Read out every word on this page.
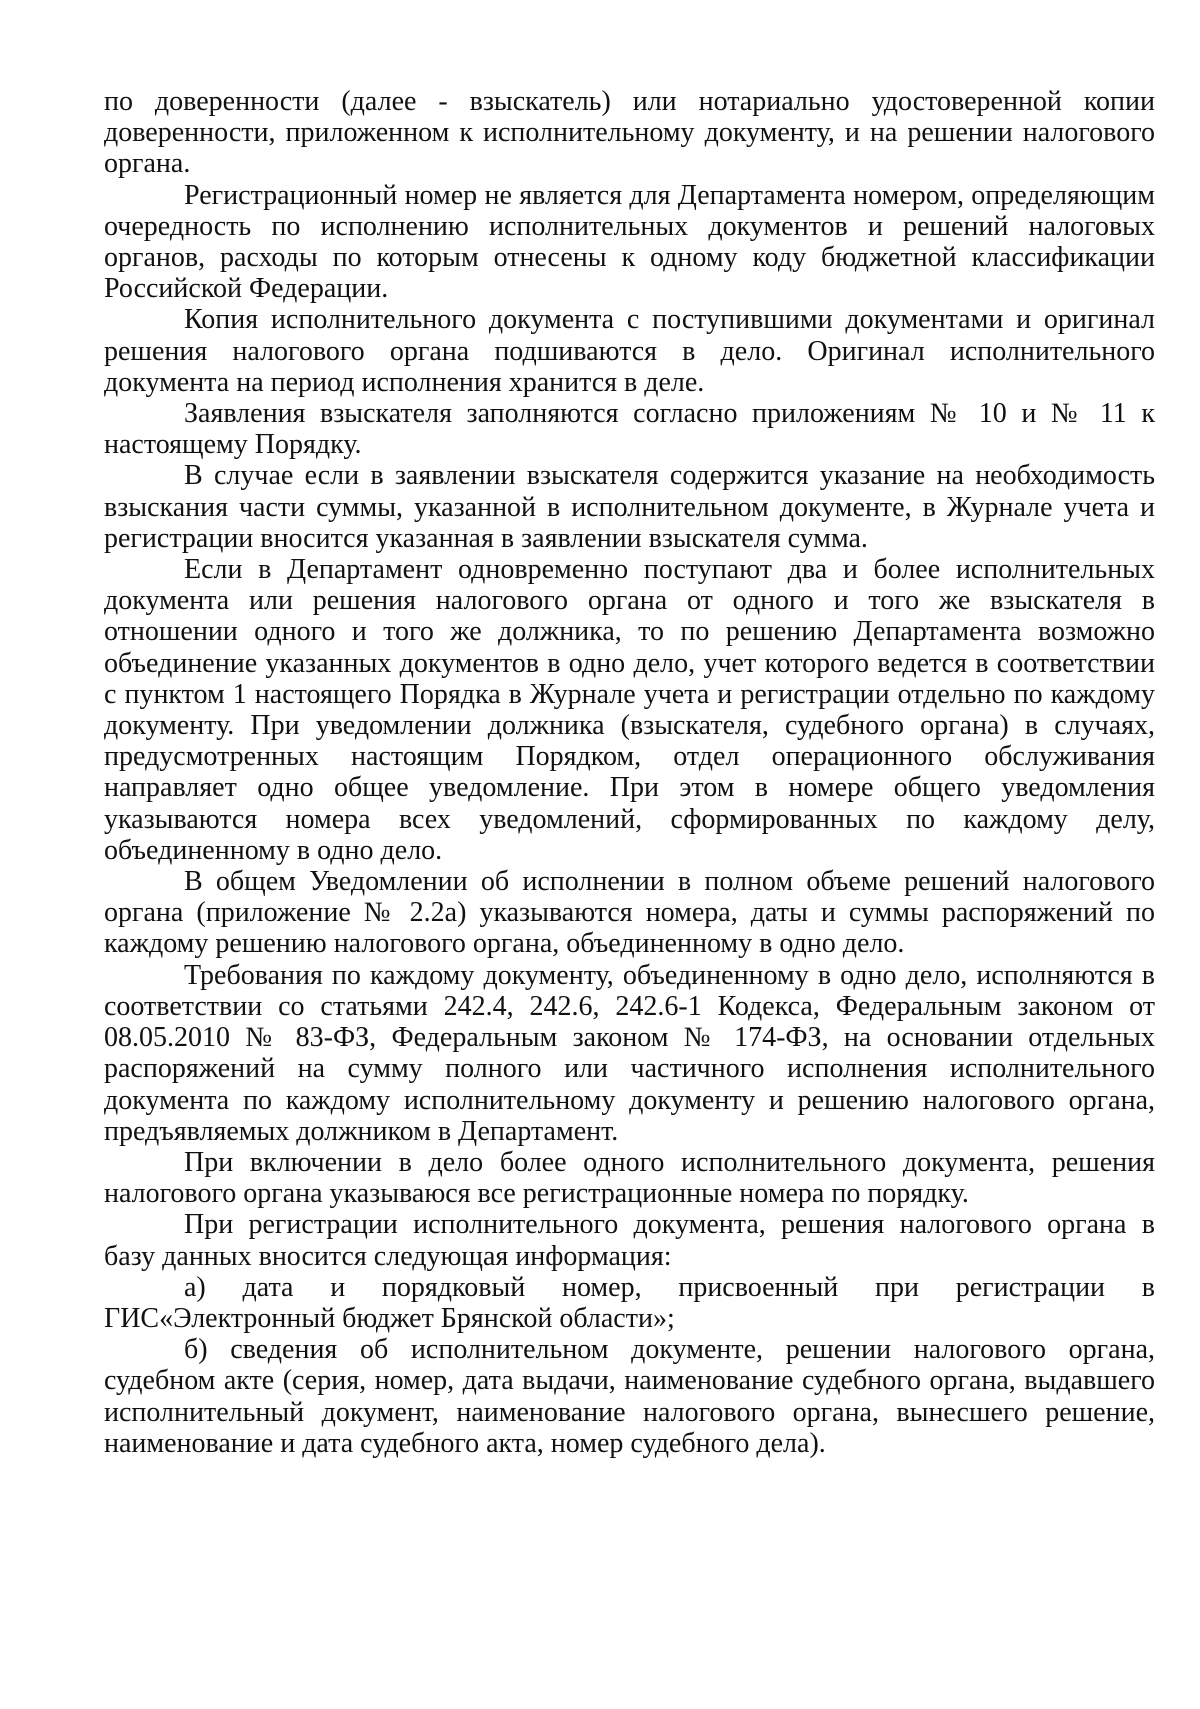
по доверенности (далее - взыскатель) или нотариально удостоверенной копии доверенности, приложенном к исполнительному документу, и на решении налогового органа.

Регистрационный номер не является для Департамента номером, определяющим очередность по исполнению исполнительных документов и решений налоговых органов, расходы по которым отнесены к одному коду бюджетной классификации Российской Федерации.

Копия исполнительного документа с поступившими документами и оригинал решения налогового органа подшиваются в дело. Оригинал исполнительного документа на период исполнения хранится в деле.

Заявления взыскателя заполняются согласно приложениям № 10 и № 11 к настоящему Порядку.

В случае если в заявлении взыскателя содержится указание на необходимость взыскания части суммы, указанной в исполнительном документе, в Журнале учета и регистрации вносится указанная в заявлении взыскателя сумма.

Если в Департамент одновременно поступают два и более исполнительных документа или решения налогового органа от одного и того же взыскателя в отношении одного и того же должника, то по решению Департамента возможно объединение указанных документов в одно дело, учет которого ведется в соответствии с пунктом 1 настоящего Порядка в Журнале учета и регистрации отдельно по каждому документу. При уведомлении должника (взыскателя, судебного органа) в случаях, предусмотренных настоящим Порядком, отдел операционного обслуживания направляет одно общее уведомление. При этом в номере общего уведомления указываются номера всех уведомлений, сформированных по каждому делу, объединенному в одно дело.

В общем Уведомлении об исполнении в полном объеме решений налогового органа (приложение № 2.2а) указываются номера, даты и суммы распоряжений по каждому решению налогового органа, объединенному в одно дело.

Требования по каждому документу, объединенному в одно дело, исполняются в соответствии со статьями 242.4, 242.6, 242.6-1 Кодекса, Федеральным законом от 08.05.2010 № 83-ФЗ, Федеральным законом № 174-ФЗ, на основании отдельных распоряжений на сумму полного или частичного исполнения исполнительного документа по каждому исполнительному документу и решению налогового органа, предъявляемых должником в Департамент.

При включении в дело более одного исполнительного документа, решения налогового органа указываюся все регистрационные номера по порядку.

При регистрации исполнительного документа, решения налогового органа в базу данных вносится следующая информация:

а) дата и порядковый номер, присвоенный при регистрации в ГИС«Электронный бюджет Брянской области»;

б) сведения об исполнительном документе, решении налогового органа, судебном акте (серия, номер, дата выдачи, наименование судебного органа, выдавшего исполнительный документ, наименование налогового органа, вынесшего решение, наименование и дата судебного акта, номер судебного дела).
